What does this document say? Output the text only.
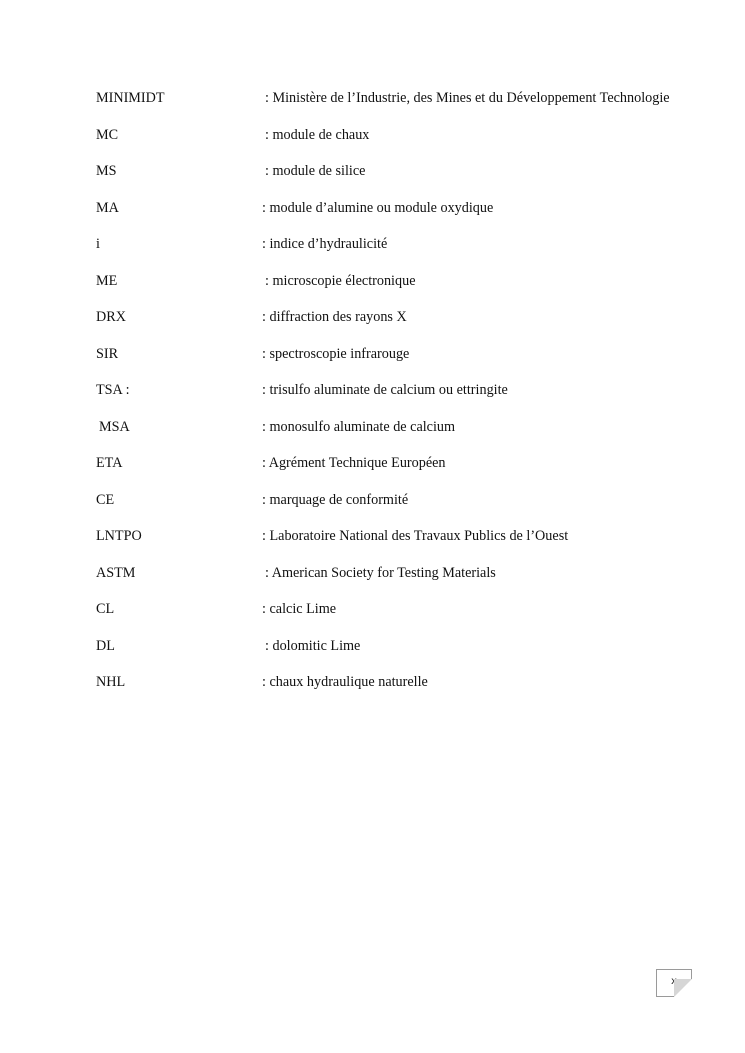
MINIMIDT	: Ministère de l’Industrie, des Mines et du Développement Technologie
MC	: module de chaux
MS	: module de silice
MA	: module d’alumine ou module oxydique
i	: indice d’hydraulicité
ME	: microscopie électronique
DRX	: diffraction des rayons X
SIR	: spectroscopie infrarouge
TSA :	: trisulfo aluminate de calcium ou ettringite
MSA	: monosulfo aluminate de calcium
ETA	: Agrément Technique Européen
CE	: marquage de conformité
LNTPO	: Laboratoire National des Travaux Publics de l’Ouest
ASTM	: American Society for Testing Materials
CL	: calcic Lime
DL	: dolomitic Lime
NHL	: chaux hydraulique naturelle
x
